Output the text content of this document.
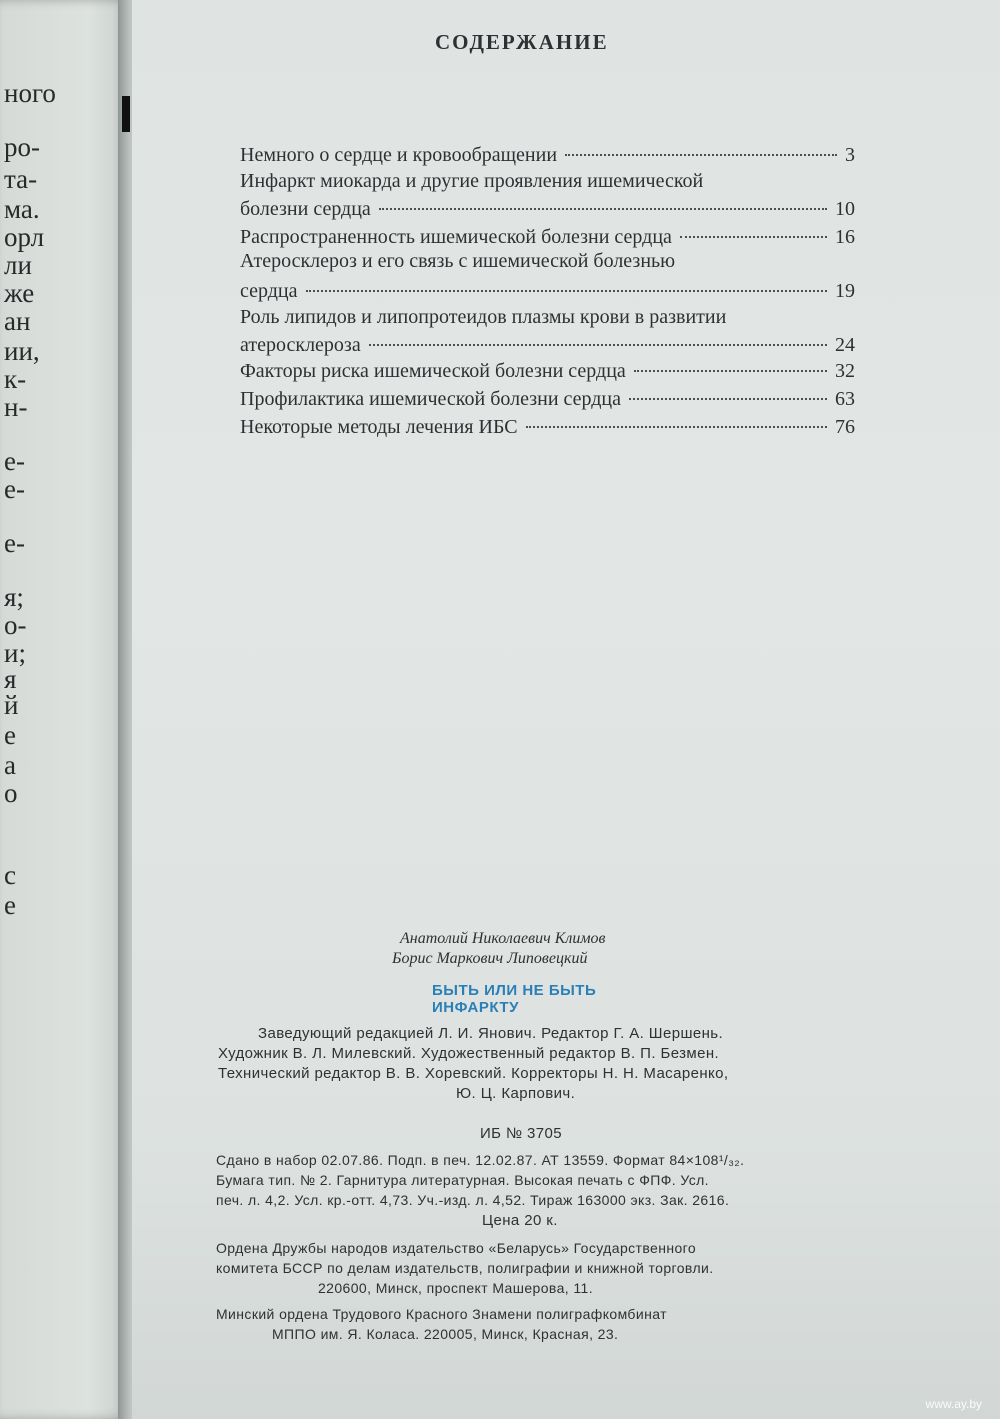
ного
ро-
та-
ма.
орл
ли
же
ан
ии,
к-
н-
е-
е-
е-
я;
о-
и;
я
й
е
а
о
с
е
СОДЕРЖАНИЕ
Немного о сердце и кровообращении	3
Инфаркт миокарда и другие проявления ишемической
болезни сердца	10
Распространенность ишемической болезни сердца	16
Атеросклероз и его связь с ишемической болезнью
сердца	19
Роль липидов и липопротеидов плазмы крови в развитии
атеросклероза	24
Факторы риска ишемической болезни сердца	32
Профилактика ишемической болезни сердца	63
Некоторые методы лечения ИБС	76
Анатолий Николаевич Климов
Борис Маркович Липовецкий
БЫТЬ ИЛИ НЕ БЫТЬ
ИНФАРКТУ
Заведующий редакцией Л. И. Янович. Редактор Г. А. Шершень.
Художник В. Л. Милевский. Художественный редактор В. П. Безмен.
Технический редактор В. В. Хоревский. Корректоры Н. Н. Масаренко,
Ю. Ц. Карпович.
ИБ № 3705
Сдано в набор 02.07.86. Подп. в печ. 12.02.87. АТ 13559. Формат 84×108¹/₃₂.
Бумага тип. № 2. Гарнитура литературная. Высокая печать с ФПФ. Усл.
печ. л. 4,2. Усл. кр.-отт. 4,73. Уч.-изд. л. 4,52. Тираж 163000 экз. Зак. 2616.
Цена 20 к.
Ордена Дружбы народов издательство «Беларусь» Государственного
комитета БССР по делам издательств, полиграфии и книжной торговли.
220600, Минск, проспект Машерова, 11.
Минский ордена Трудового Красного Знамени полиграфкомбинат
МППО им. Я. Коласа. 220005, Минск, Красная, 23.
www.ay.by
